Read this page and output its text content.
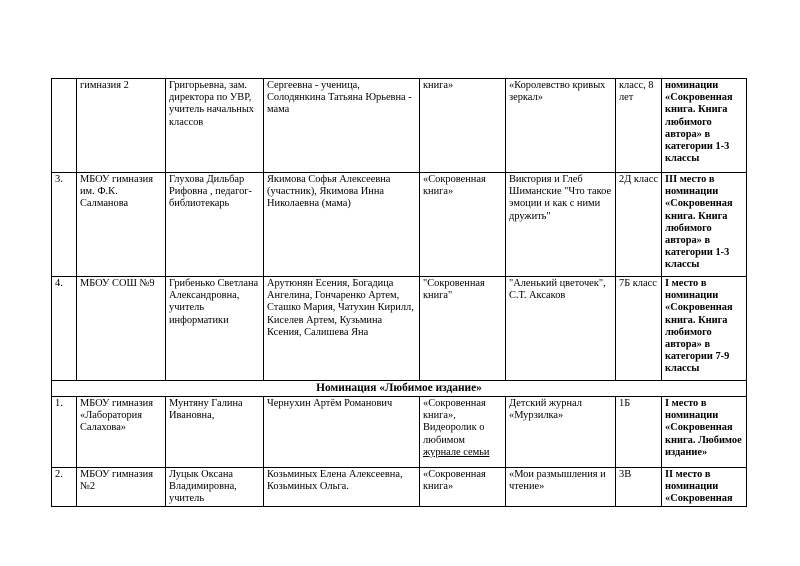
	гимназия 2	Григорьевна, зам. директора по УВР, учитель начальных классов	Сергеевна - ученица, Солодянкина Татьяна Юрьевна - мама	книга»	«Королевство кривых зеркал»	класс, 8 лет	номинации «Сокровенная книга. Книга любимого автора» в категории 1-3 классы
3.	МБОУ гимназия им. Ф.К. Салманова	Глухова Дильбар Рифовна , педагог-библиотекарь	Якимова Софья Алексеевна (участник), Якимова Инна Николаевна (мама)	«Сокровенная книга»	Виктория и Глеб Шиманские "Что такое эмоции и как с ними дружить"	2Д класс	III место в номинации «Сокровенная книга. Книга любимого автора» в категории 1-3 классы
4.	МБОУ СОШ №9	Грибенько Светлана Александровна, учитель информатики	Арутюнян Есения, Богадица Ангелина, Гончаренко Артем, Сташко Мария, Чатухин Кирилл, Киселев Артем, Кузьмина Ксения, Салишева Яна	"Сокровенная книга"	"Аленький цветочек", С.Т. Аксаков	7Б класс	I место в номинации «Сокровенная книга. Книга любимого автора» в категории 7-9 классы
Номинация «Любимое издание»							
1.	МБОУ гимназия «Лаборатория Салахова»	Мунтяну Галина Ивановна,	Чернухин Артём Романович	«Сокровенная книга», Видеоролик о любимом журнале семьи	Детский журнал «Мурзилка»	1Б	I место в номинации «Сокровенная книга. Любимое издание»
2.	МБОУ гимназия №2	Луцык Оксана Владимировна, учитель	Козьминых Елена Алексеевна, Козьминых Ольга.	«Сокровенная книга»	«Мои размышления и чтение»	3В	II место в номинации «Сокровенная
